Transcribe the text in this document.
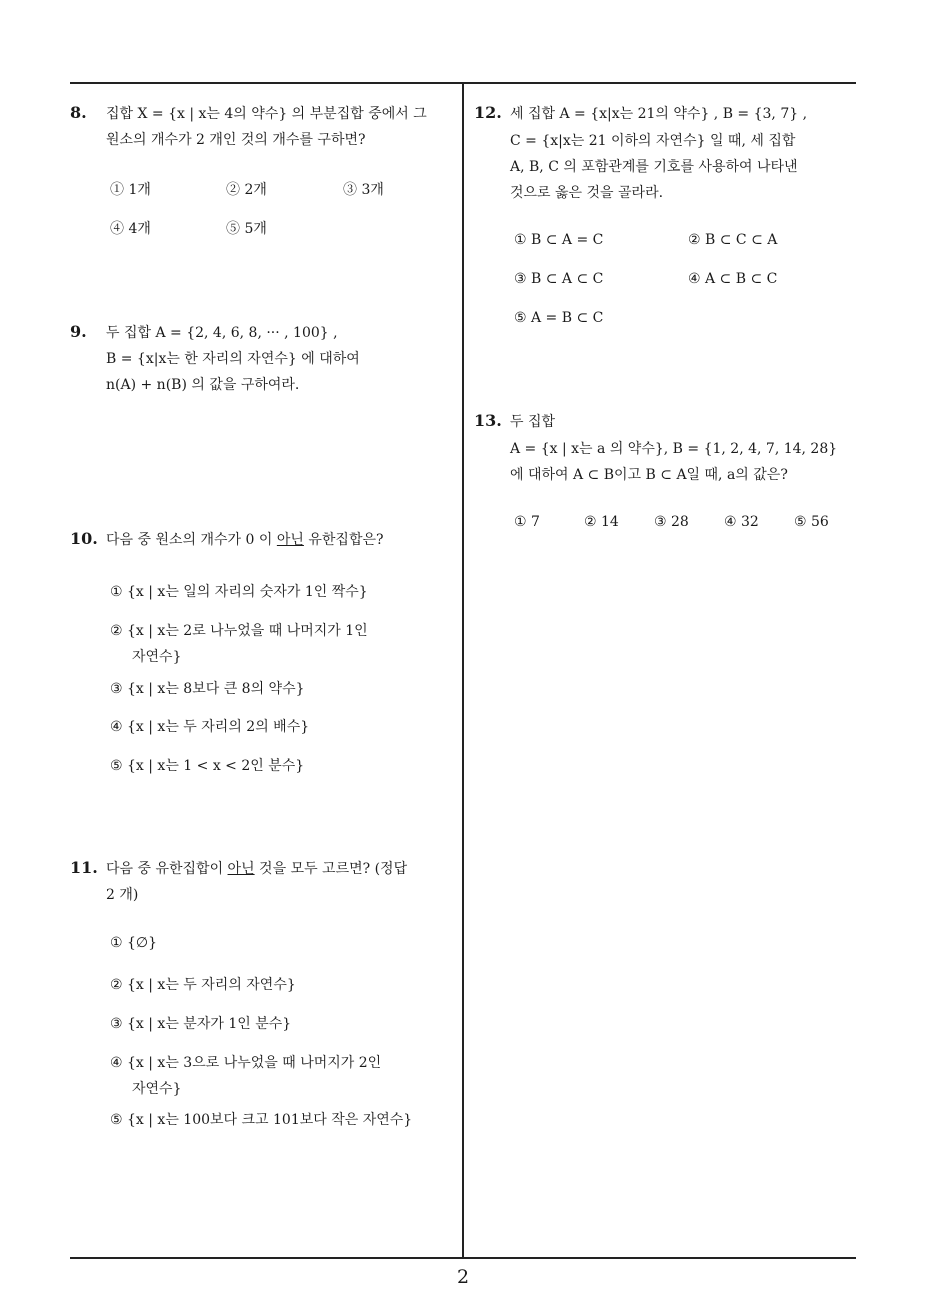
8. 집합 X = {x | x는 4의 약수} 의 부분집합 중에서 그
원소의 개수가 2 개인 것의 개수를 구하면?
① 1개	② 2개	③ 3개
④ 4개	⑤ 5개
9. 두 집합 A = {2, 4, 6, 8, ··· , 100} ,
B = {x|x는 한 자리의 자연수} 에 대하여
n(A) + n(B) 의 값을 구하여라.
10. 다음 중 원소의 개수가 0 이 아닌 유한집합은?
① {x | x는 일의 자리의 숫자가 1인 짝수}
② {x | x는 2로 나누었을 때 나머지가 1인
자연수}
③ {x | x는 8보다 큰 8의 약수}
④ {x | x는 두 자리의 2의 배수}
⑤ {x | x는 1 < x < 2인 분수}
11. 다음 중 유한집합이 아닌 것을 모두 고르면? (정답
2 개)
① {∅}
② {x | x는 두 자리의 자연수}
③ {x | x는 분자가 1인 분수}
④ {x | x는 3으로 나누었을 때 나머지가 2인
자연수}
⑤ {x | x는 100보다 크고 101보다 작은 자연수}
12. 세 집합 A = {x|x는 21의 약수} , B = {3, 7} ,
C = {x|x는 21 이하의 자연수} 일 때, 세 집합
A, B, C 의 포함관계를 기호를 사용하여 나타낸
것으로 옳은 것을 골라라.
① B ⊂ A = C	② B ⊂ C ⊂ A
③ B ⊂ A ⊂ C	④ A ⊂ B ⊂ C
⑤ A = B ⊂ C
13. 두 집합
A = {x | x는 a 의 약수}, B = {1, 2, 4, 7, 14, 28}
에 대하여 A ⊂ B이고 B ⊂ A일 때, a의 값은?
① 7	② 14	③ 28	④ 32	⑤ 56
2
